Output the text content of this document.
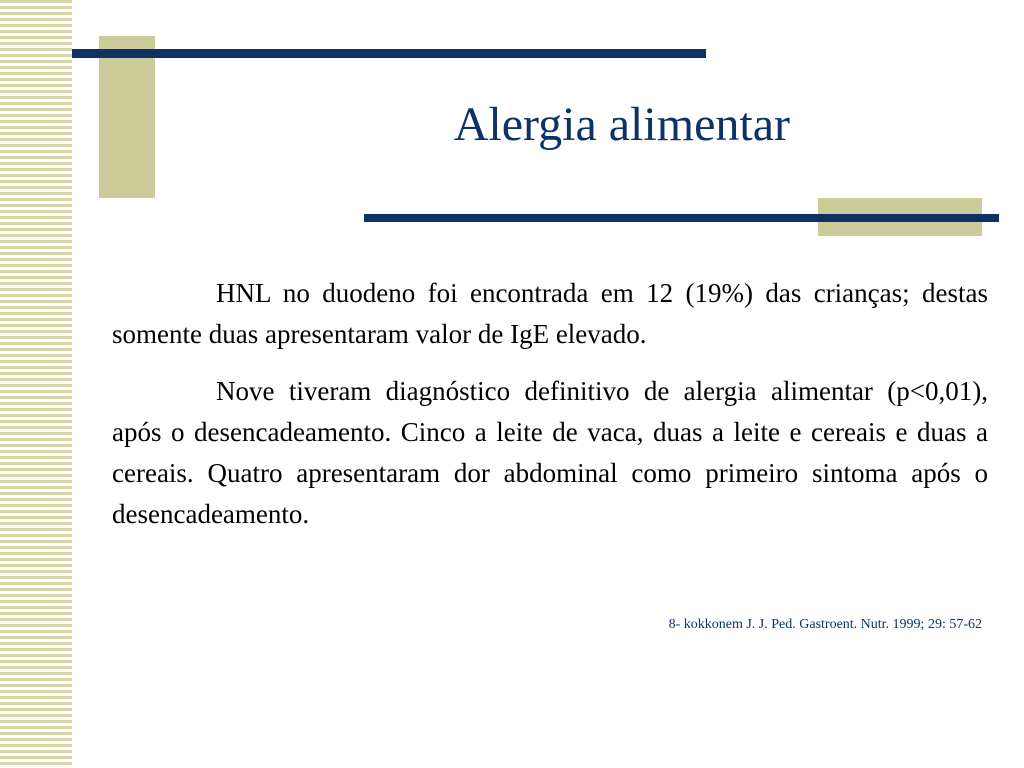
Alergia alimentar

HNL no duodeno foi encontrada em 12 (19%) das crianças; destas somente duas apresentaram valor de IgE elevado.

Nove tiveram diagnóstico definitivo de alergia alimentar (p<0,01), após o desencadeamento. Cinco a leite de vaca, duas a leite e cereais e duas a cereais. Quatro apresentaram dor abdominal como primeiro sintoma após o desencadeamento.

8- kokkonem J. J. Ped. Gastroent. Nutr. 1999; 29: 57-62
